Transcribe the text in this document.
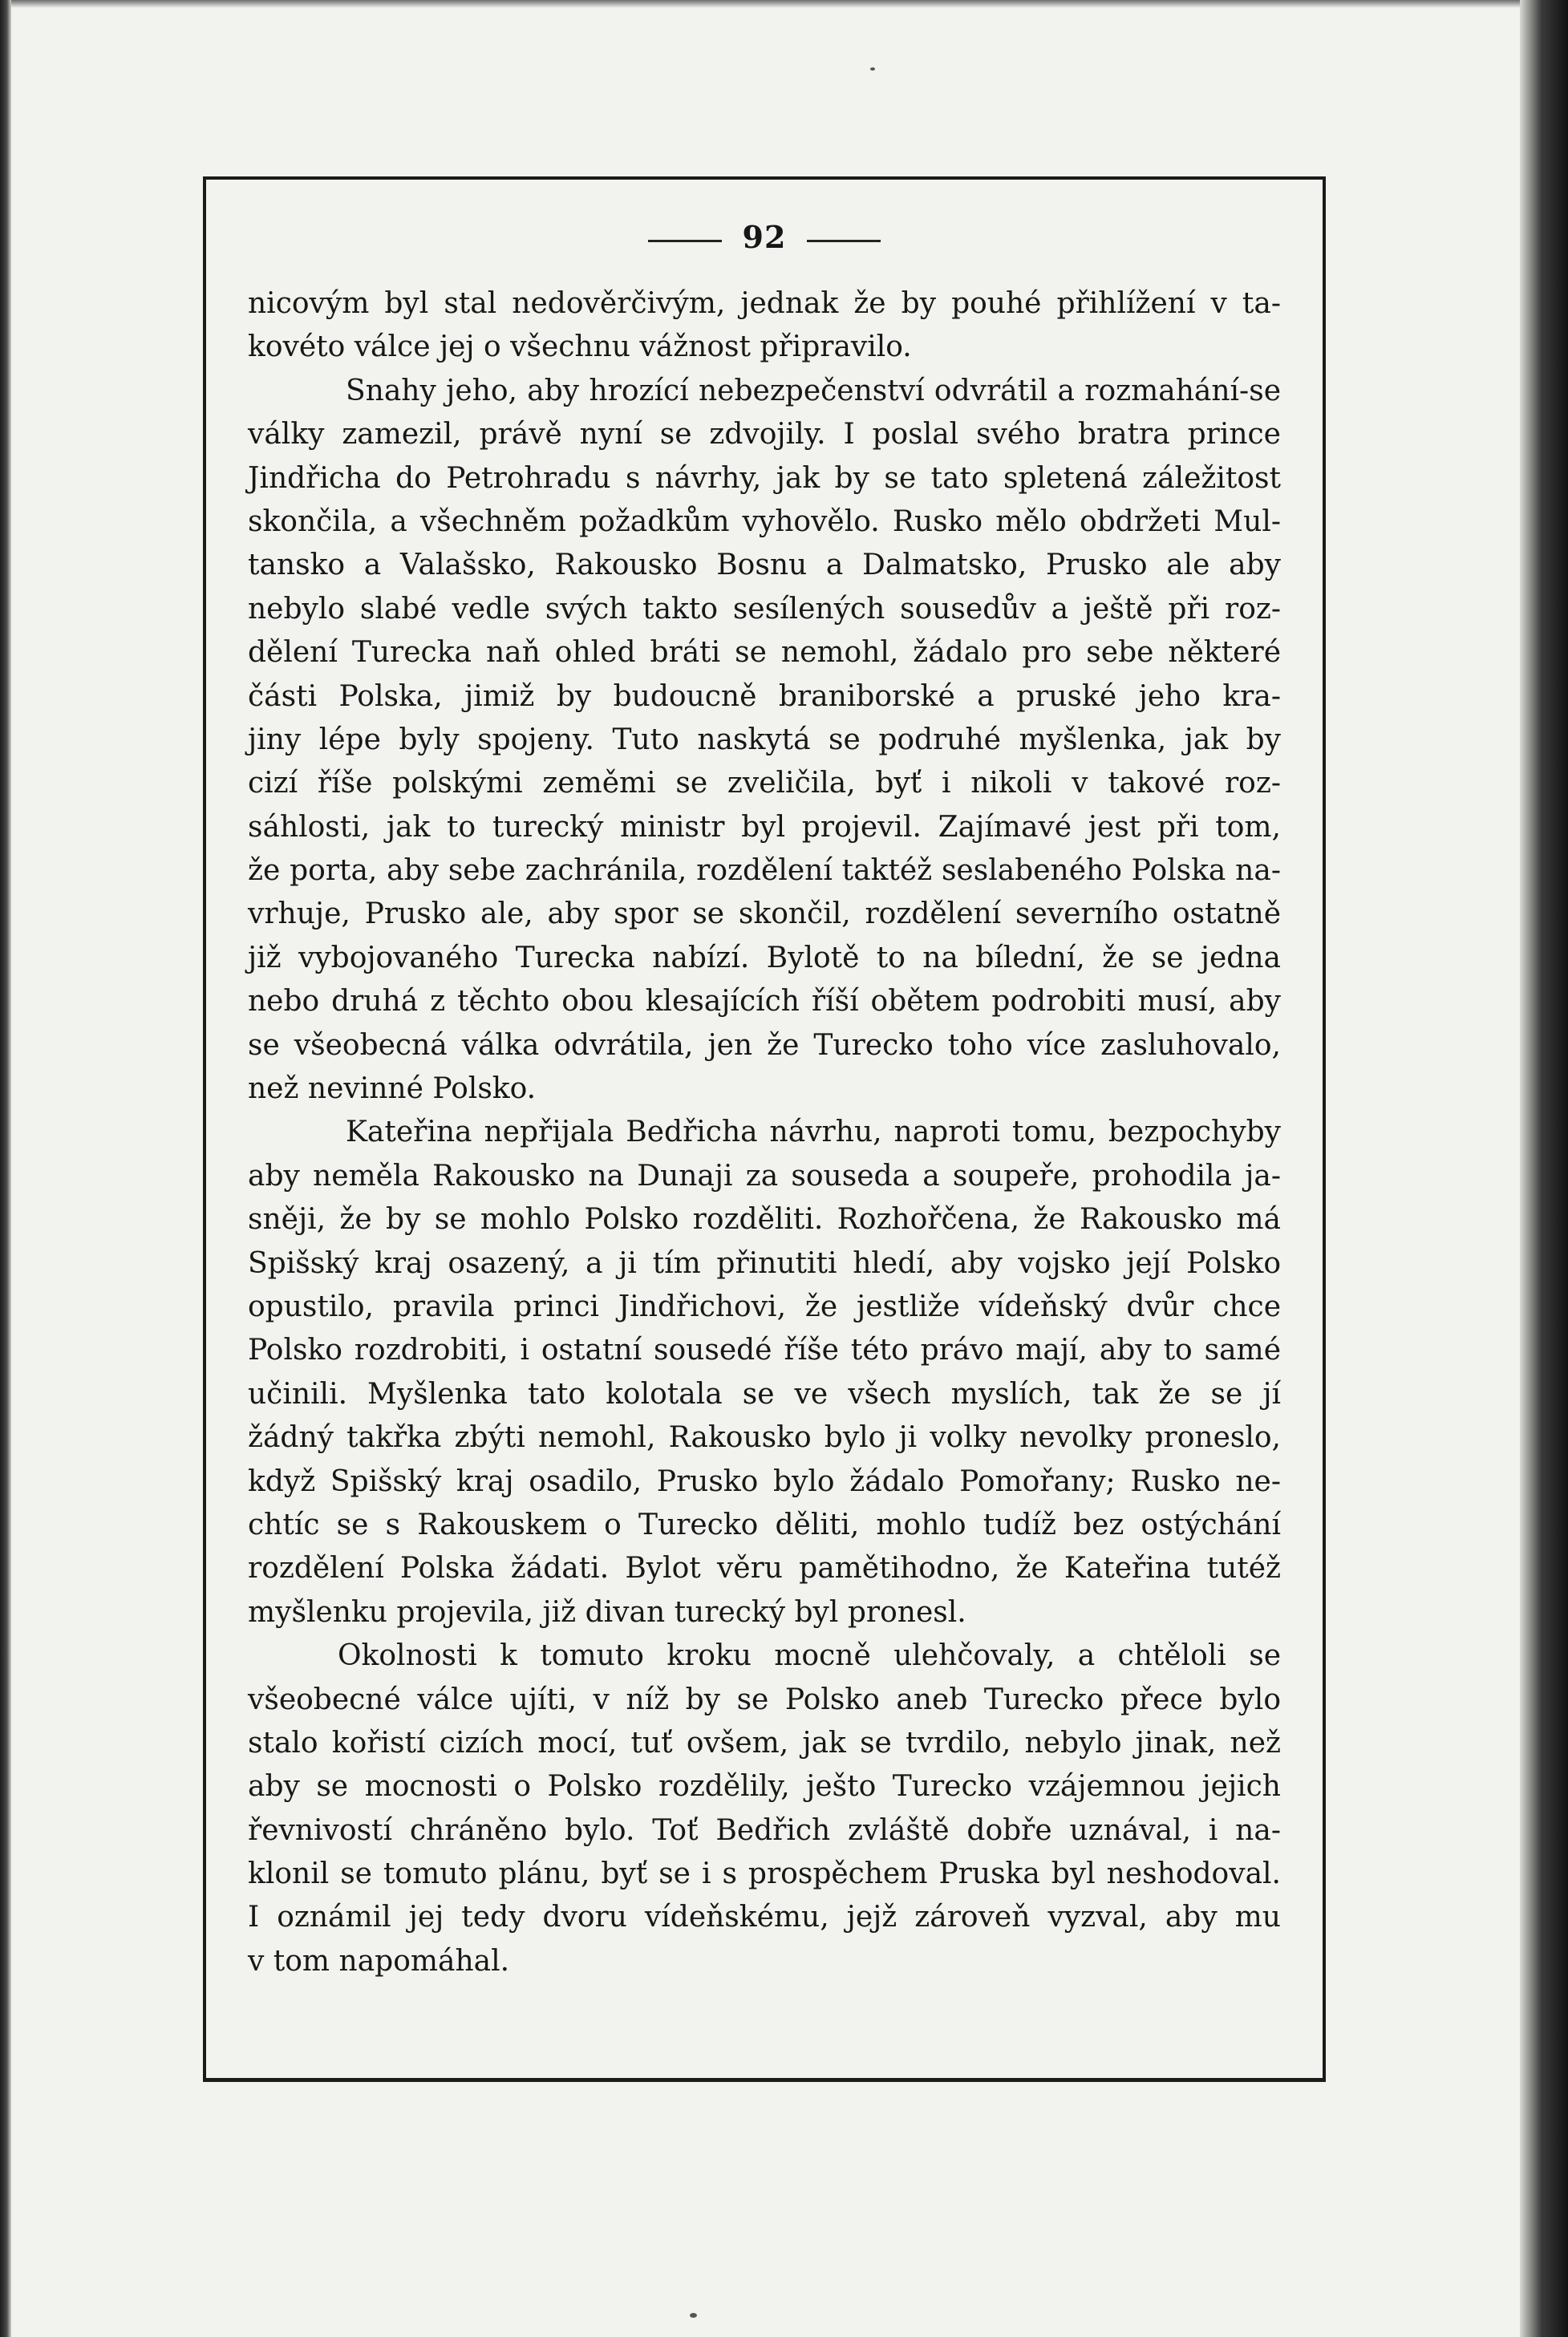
92
nicovým byl stal nedověrčivým, jednak že by pouhé přihlížení v ta-
kovéto válce jej o všechnu vážnost připravilo.
Snahy jeho, aby hrozící nebezpečenství odvrátil a rozmahání-se
války zamezil, právě nyní se zdvojily. I poslal svého bratra prince
Jindřicha do Petrohradu s návrhy, jak by se tato spletená záležitost
skončila, a všechněm požadkům vyhovělo. Rusko mělo obdržeti Mul-
tansko a Valašsko, Rakousko Bosnu a Dalmatsko, Prusko ale aby
nebylo slabé vedle svých takto sesílených sousedův a ještě při roz-
dělení Turecka naň ohled bráti se nemohl, žádalo pro sebe některé
části Polska, jimiž by budoucně braniborské a pruské jeho kra-
jiny lépe byly spojeny. Tuto naskytá se podruhé myšlenka, jak by
cizí říše polskými zeměmi se zveličila, byť i nikoli v takové roz-
sáhlosti, jak to turecký ministr byl projevil. Zajímavé jest při tom,
že porta, aby sebe zachránila, rozdělení taktéž seslabeného Polska na-
vrhuje, Prusko ale, aby spor se skončil, rozdělení severního ostatně
již vybojovaného Turecka nabízí. Bylotě to na bílední, že se jedna
nebo druhá z těchto obou klesajících říší obětem podrobiti musí, aby
se všeobecná válka odvrátila, jen že Turecko toho více zasluhovalo,
než nevinné Polsko.
Kateřina nepřijala Bedřicha návrhu, naproti tomu, bezpochyby
aby neměla Rakousko na Dunaji za souseda a soupeře, prohodila ja-
sněji, že by se mohlo Polsko rozděliti. Rozhořčena, že Rakousko má
Spišský kraj osazený, a ji tím přinutiti hledí, aby vojsko její Polsko
opustilo, pravila princi Jindřichovi, že jestliže vídeňský dvůr chce
Polsko rozdrobiti, i ostatní sousedé říše této právo mají, aby to samé
učinili. Myšlenka tato kolotala se ve všech myslích, tak že se jí
žádný takřka zbýti nemohl, Rakousko bylo ji volky nevolky proneslo,
když Spišský kraj osadilo, Prusko bylo žádalo Pomořany; Rusko ne-
chtíc se s Rakouskem o Turecko děliti, mohlo tudíž bez ostýchání
rozdělení Polska žádati. Bylot věru pamětihodno, že Kateřina tutéž
myšlenku projevila, již divan turecký byl pronesl.
Okolnosti k tomuto kroku mocně ulehčovaly, a chtěloli se
všeobecné válce ujíti, v níž by se Polsko aneb Turecko přece bylo
stalo kořistí cizích mocí, tuť ovšem, jak se tvrdilo, nebylo jinak, než
aby se mocnosti o Polsko rozdělily, ješto Turecko vzájemnou jejich
řevnivostí chráněno bylo. Toť Bedřich zvláště dobře uznával, i na-
klonil se tomuto plánu, byť se i s prospěchem Pruska byl neshodoval.
I oznámil jej tedy dvoru vídeňskému, jejž zároveň vyzval, aby mu
v tom napomáhal.
